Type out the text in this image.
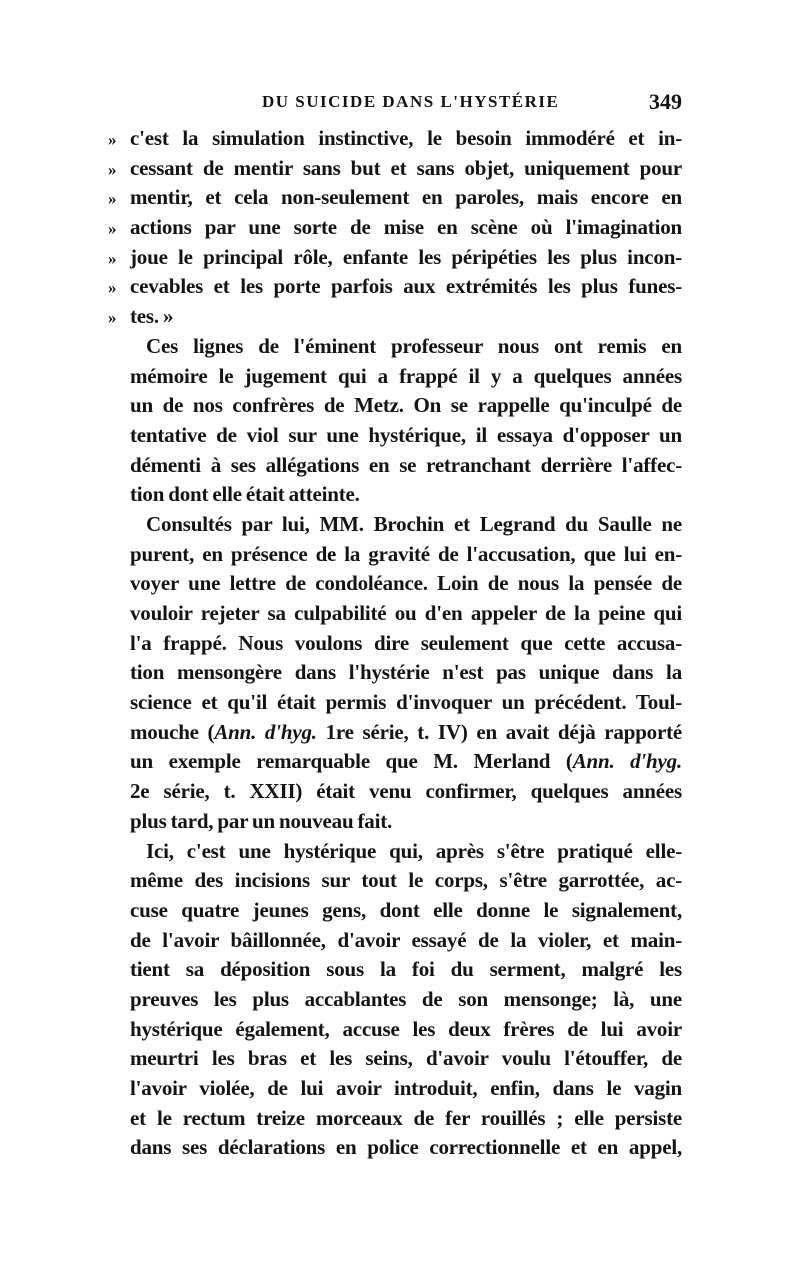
DU SUICIDE DANS L'HYSTÉRIE	349
» c'est la simulation instinctive, le besoin immodéré et in-
» cessant de mentir sans but et sans objet, uniquement pour
» mentir, et cela non-seulement en paroles, mais encore en
» actions par une sorte de mise en scène où l'imagination
» joue le principal rôle, enfante les péripéties les plus incon-
» cevables et les porte parfois aux extrémités les plus funes-
» tes. »
Ces lignes de l'éminent professeur nous ont remis en
mémoire le jugement qui a frappé il y a quelques années
un de nos confrères de Metz. On se rappelle qu'inculpé de
tentative de viol sur une hystérique, il essaya d'opposer un
démenti à ses allégations en se retranchant derrière l'affec-
tion dont elle était atteinte.
Consultés par lui, MM. Brochin et Legrand du Saulle ne
purent, en présence de la gravité de l'accusation, que lui en-
voyer une lettre de condoléance. Loin de nous la pensée de
vouloir rejeter sa culpabilité ou d'en appeler de la peine qui
l'a frappé. Nous voulons dire seulement que cette accusa-
tion mensongère dans l'hystérie n'est pas unique dans la
science et qu'il était permis d'invoquer un précédent. Toul-
mouche (Ann. d'hyg. 1re série, t. IV) en avait déjà rapporté
un exemple remarquable que M. Merland (Ann. d'hyg.
2e série, t. XXII) était venu confirmer, quelques années
plus tard, par un nouveau fait.
Ici, c'est une hystérique qui, après s'être pratiqué elle-
même des incisions sur tout le corps, s'être garrottée, ac-
cuse quatre jeunes gens, dont elle donne le signalement,
de l'avoir bâillonnée, d'avoir essayé de la violer, et main-
tient sa déposition sous la foi du serment, malgré les
preuves les plus accablantes de son mensonge; là, une
hystérique également, accuse les deux frères de lui avoir
meurtri les bras et les seins, d'avoir voulu l'étouffer, de
l'avoir violée, de lui avoir introduit, enfin, dans le vagin
et le rectum treize morceaux de fer rouillés ; elle persiste
dans ses déclarations en police correctionnelle et en appel,
